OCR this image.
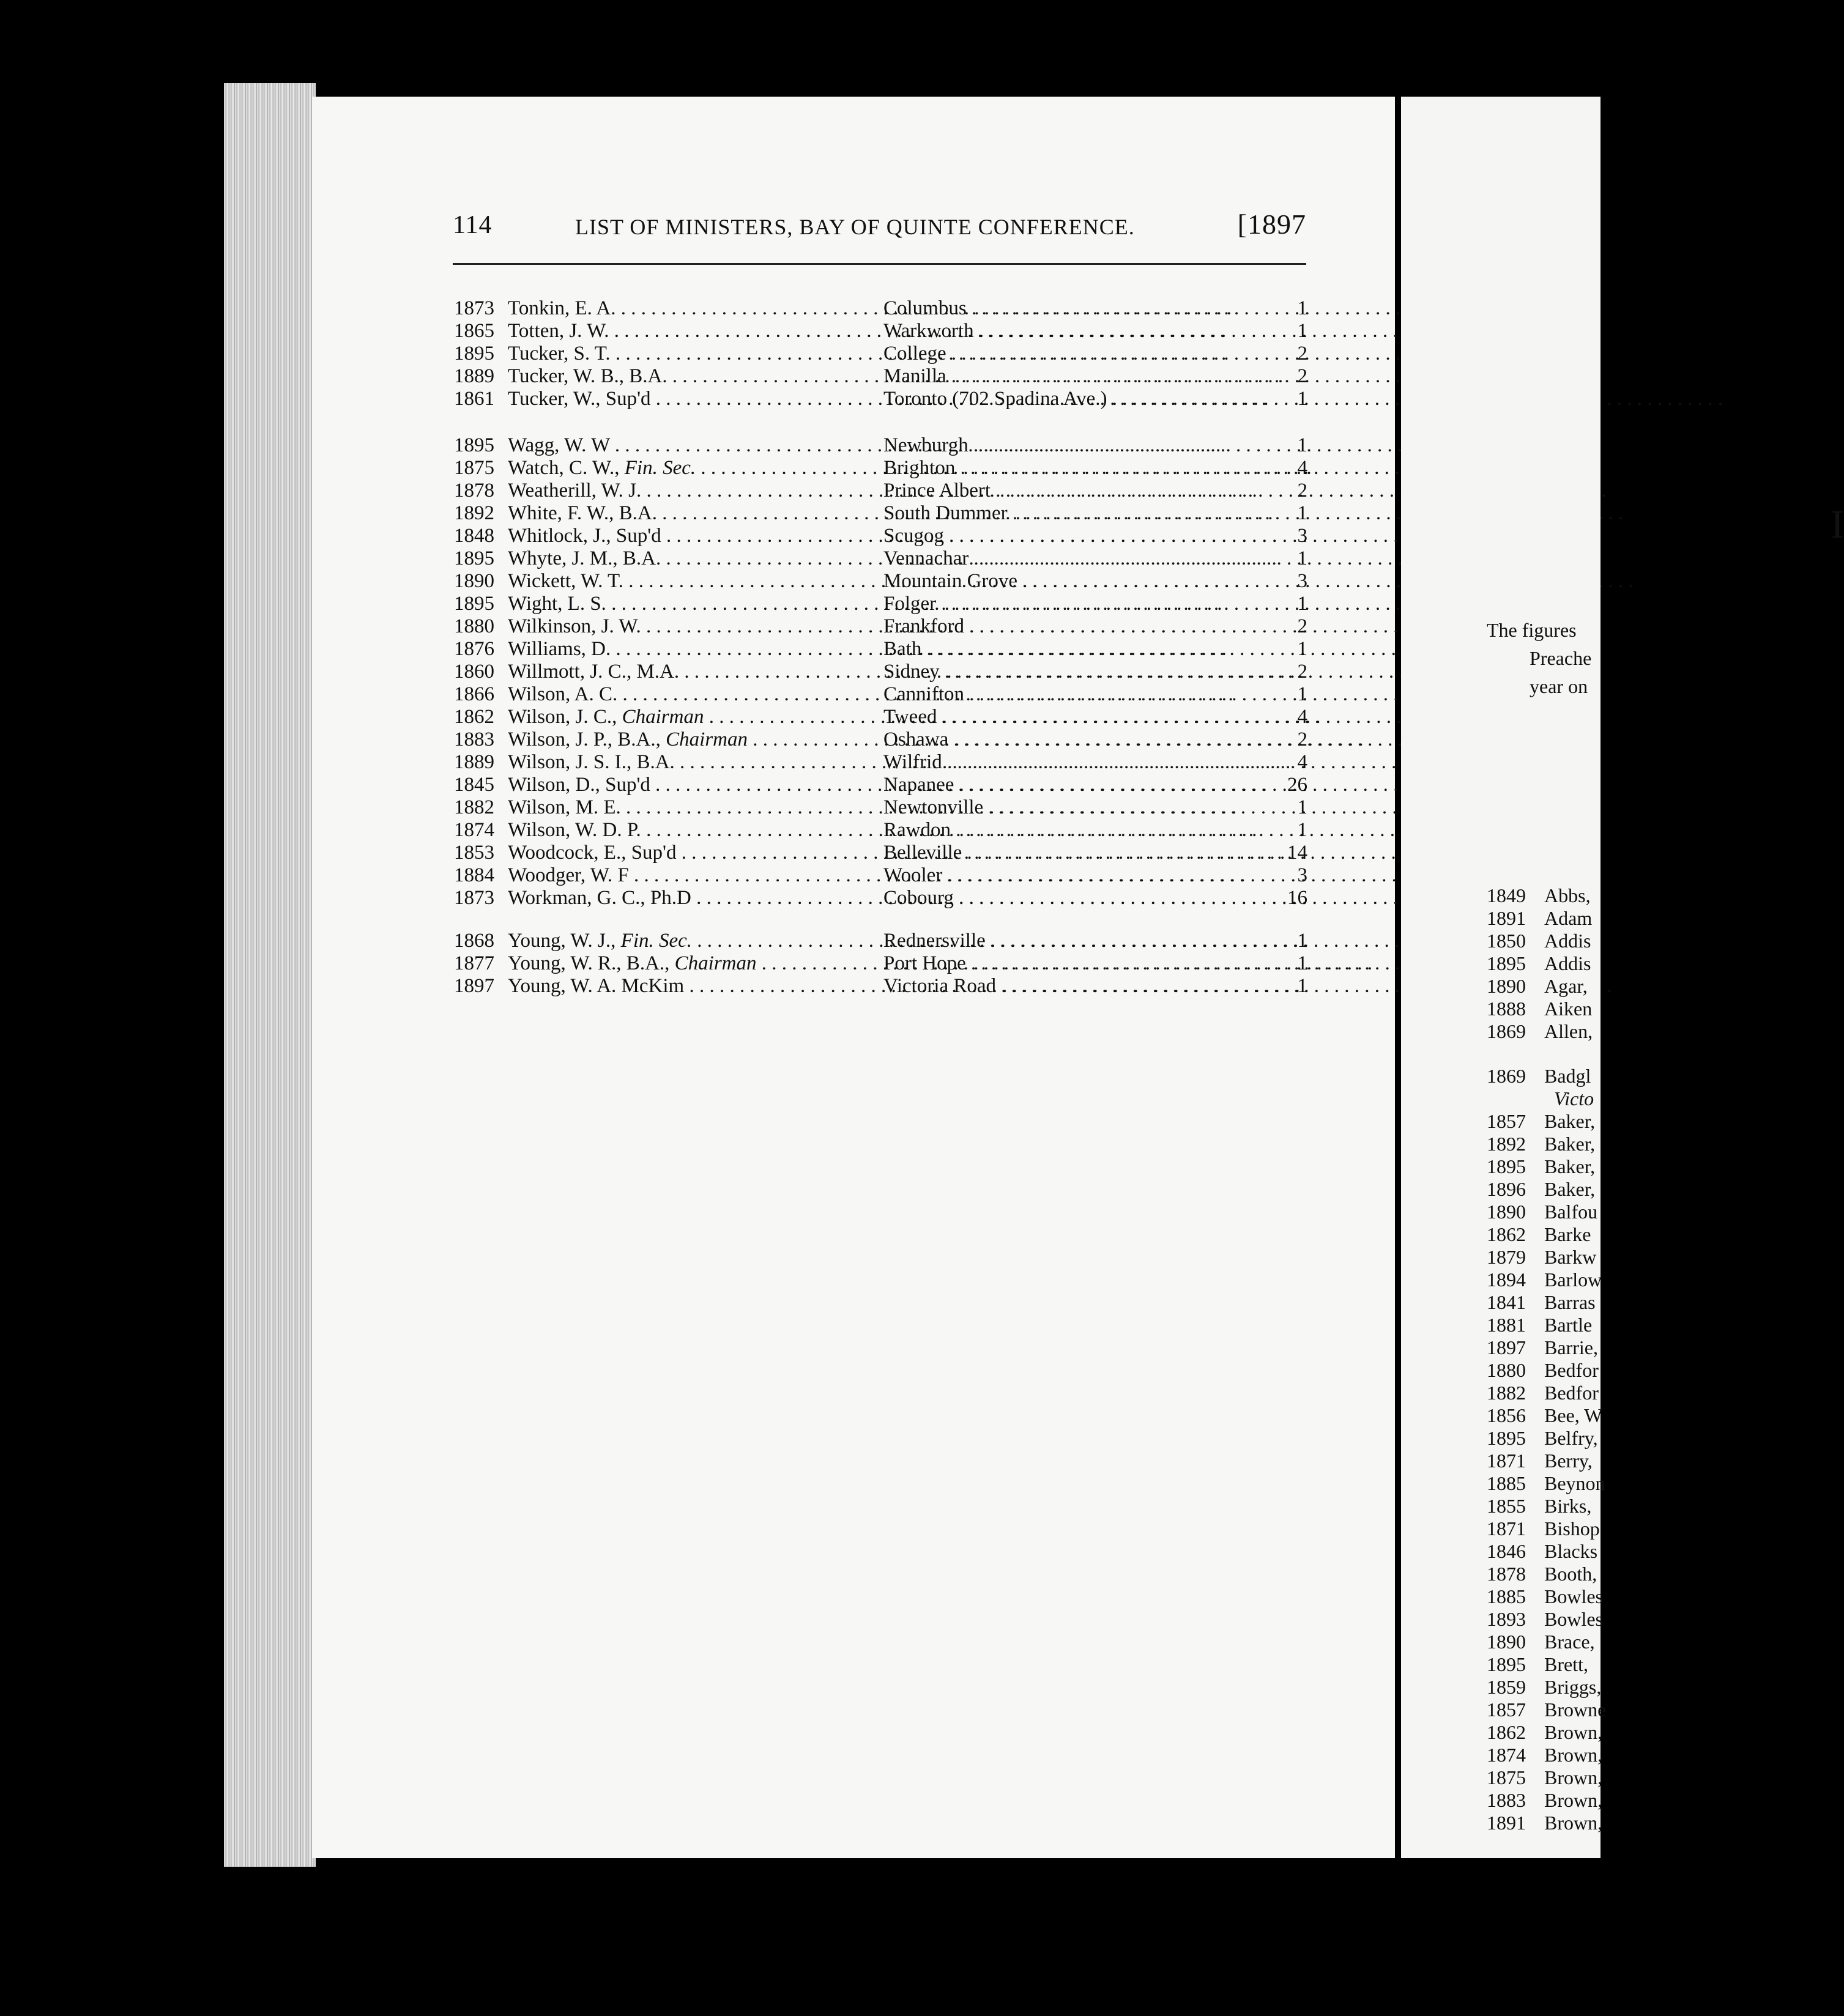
114	LIST OF MINISTERS, BAY OF QUINTE CONFERENCE.	[1897
1873 Tonkin, E. A. . . .	Columbus . . .	1
1865 Totten, J. W. . . .	Warkworth . . .	1
1895 Tucker, S. T. . . .	College . . .	2
1889 Tucker, W. B., B.A. . . .	Manilla . . .	2
1861 Tucker, W., Sup'd . . .	Toronto (702 Spadina Ave.) . . .	1
1895 Wagg, W. W . . .	Newburgh . . .	1
1875 Watch, C. W., Fin. Sec. . . .	Brighton . . .	4
1878 Weatherill, W. J. . . .	Prince Albert . . .	2
1892 White, F. W., B.A. . . .	South Dummer . . .	1
1848 Whitlock, J., Sup'd . . .	Scugog . . .	3
1895 Whyte, J. M., B.A. . . .	Vennachar . . .	1
1890 Wickett, W. T. . . .	Mountain Grove . . .	3
1895 Wight, L. S. . . .	Folger . . .	1
1880 Wilkinson, J. W. . . .	Frankford . . .	2
1876 Williams, D. . . .	Bath . . .	1
1860 Willmott, J. C., M.A. . . .	Sidney . . .	2
1866 Wilson, A. C. . . .	Cannifton . . .	1
1862 Wilson, J. C., Chairman . . .	Tweed . . .	4
1883 Wilson, J. P., B.A., Chairman . . .	Oshawa . . .	2
1889 Wilson, J. S. I., B.A. . . .	Wilfrid . . .	4
1845 Wilson, D., Sup'd . . .	Napanee . . .	26
1882 Wilson, M. E. . . .	Newtonville . . .	1
1874 Wilson, W. D. P. . . .	Rawdon . . .	1
1853 Woodcock, E., Sup'd . . .	Belleville . . .	14
1884 Woodger, W. F . . .	Wooler . . .	3
1873 Workman, G. C., Ph.D . . .	Cobourg . . .	16
1868 Young, W. J., Fin. Sec. . . .	Rednersville . . .	1
1877 Young, W. R., B.A., Chairman . . .	Port Hope . . .	1
1897 Young, W. A. McKim . . .	Victoria Road . . .	1
I
The figures
Preache
year on
1849 Abbs,
1891 Adam
1850 Addis
1895 Addis
1890 Agar,
1888 Aiken
1869 Allen,
1869 Badgl
Victo
1857 Baker,
1892 Baker,
1895 Baker,
1896 Baker,
1890 Balfou
1862 Barke
1879 Barkw
1894 Barlow
1841 Barras
1881 Bartle
1897 Barrie,
1880 Bedfor
1882 Bedfor
1856 Bee, W
1895 Belfry,
1871 Berry,
1885 Beynon
1855 Birks,
1871 Bishop
1846 Blacks
1878 Booth,
1885 Bowles
1893 Bowles
1890 Brace,
1895 Brett,
1859 Briggs,
1857 Browne
1862 Brown,
1874 Brown,
1875 Brown,
1883 Brown,
1891 Brown,
